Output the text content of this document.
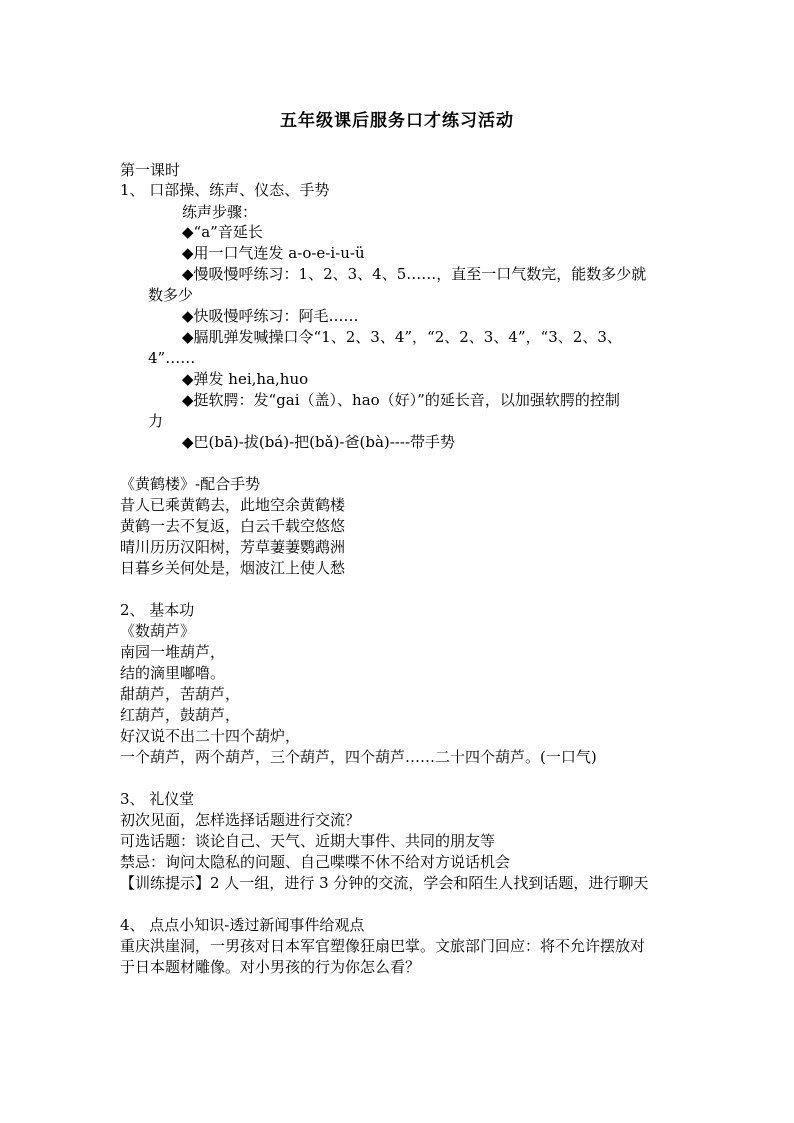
五年级课后服务口才练习活动
第一课时
1、 口部操、练声、仪态、手势
练声步骤：
◆“a”音延长
◆用一口气连发 a-o-e-i-u-ü
◆慢吸慢呼练习：1、2、3、4、5……，直至一口气数完，能数多少就
数多少
◆快吸慢呼练习：阿毛……
◆膈肌弹发喊操口令“1、2、3、4”，“2、2、3、4”，“3、2、3、
4”……
◆弹发 hei,ha,huo
◆挺软腭：发“gai（盖）、hao（好）”的延长音，以加强软腭的控制
力
◆巴(bā)-拔(bá)-把(bǎ)-爸(bà)----带手势
《黄鹤楼》-配合手势
昔人已乘黄鹤去，此地空余黄鹤楼
黄鹤一去不复返，白云千载空悠悠
晴川历历汉阳树，芳草萋萋鹦鹉洲
日暮乡关何处是，烟波江上使人愁
2、 基本功
《数葫芦》
南园一堆葫芦，
结的滴里嘟噜。
甜葫芦，苦葫芦，
红葫芦，鼓葫芦，
好汉说不出二十四个葫炉，
一个葫芦，两个葫芦，三个葫芦，四个葫芦……二十四个葫芦。(一口气)
3、 礼仪堂
初次见面，怎样选择话题进行交流？
可选话题：谈论自己、天气、近期大事件、共同的朋友等
禁忌：询问太隐私的问题、自己喋喋不休不给对方说话机会
【训练提示】2 人一组，进行 3 分钟的交流，学会和陌生人找到话题，进行聊天
4、 点点小知识-透过新闻事件给观点
重庆洪崖洞，一男孩对日本军官塑像狂扇巴掌。文旅部门回应：将不允许摆放对
于日本题材雕像。对小男孩的行为你怎么看？
